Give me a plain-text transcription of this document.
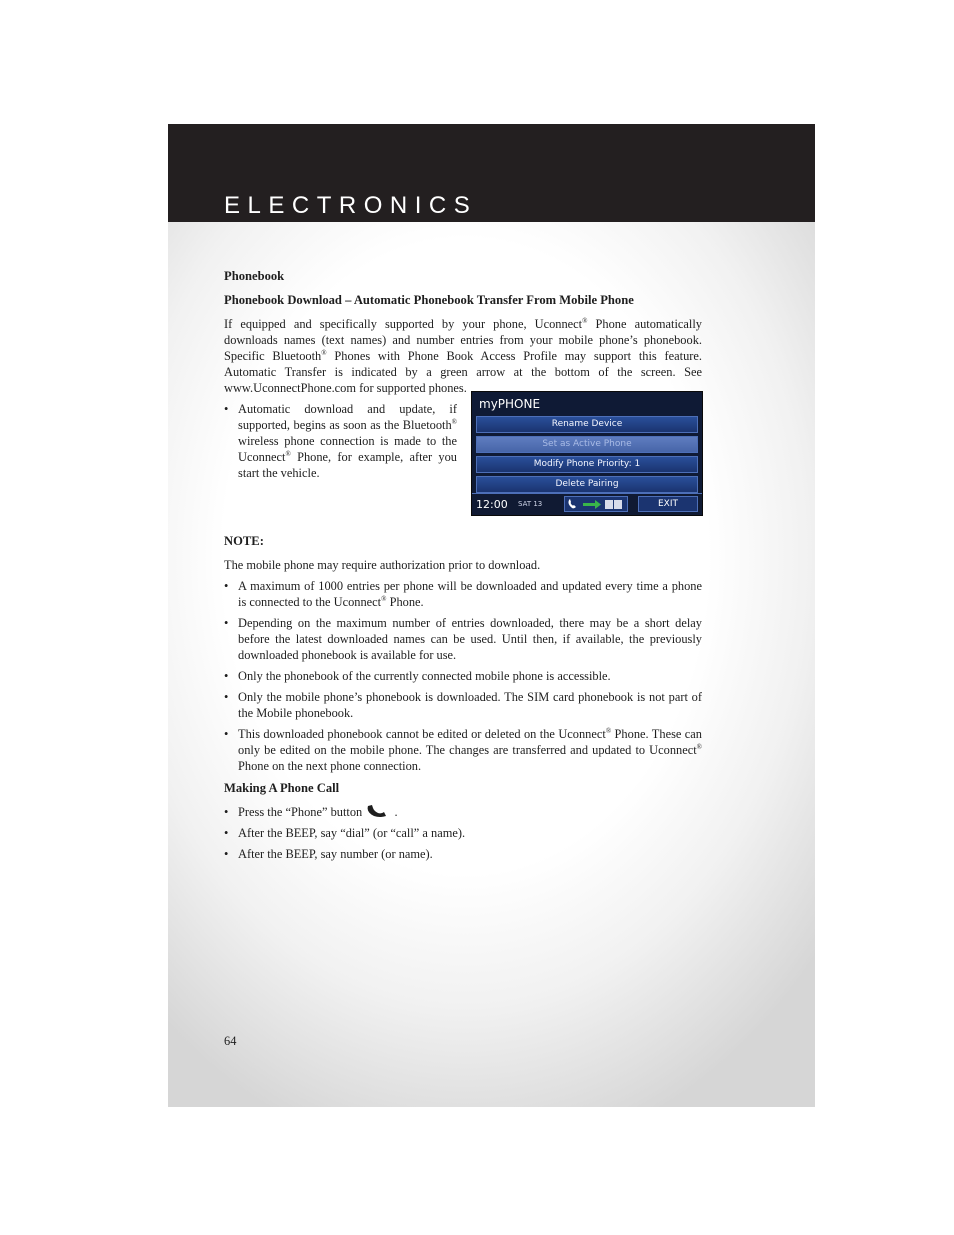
ELECTRONICS
Phonebook
Phonebook Download – Automatic Phonebook Transfer From Mobile Phone
If equipped and specifically supported by your phone, Uconnect® Phone automatically downloads names (text names) and number entries from your mobile phone’s phonebook. Specific Bluetooth® Phones with Phone Book Access Profile may support this feature. Automatic Transfer is indicated by a green arrow at the bottom of the screen. See www.UconnectPhone.com for supported phones.
• Automatic download and update, if supported, begins as soon as the Bluetooth® wireless phone connection is made to the Uconnect® Phone, for example, after you start the vehicle.
myPHONE
Rename Device
Set as Active Phone
Modify Phone Priority: 1
Delete Pairing
12:00 SAT 13	EXIT
NOTE:
The mobile phone may require authorization prior to download.
• A maximum of 1000 entries per phone will be downloaded and updated every time a phone is connected to the Uconnect® Phone.
• Depending on the maximum number of entries downloaded, there may be a short delay before the latest downloaded names can be used. Until then, if available, the previously downloaded phonebook is available for use.
• Only the phonebook of the currently connected mobile phone is accessible.
• Only the mobile phone’s phonebook is downloaded. The SIM card phonebook is not part of the Mobile phonebook.
• This downloaded phonebook cannot be edited or deleted on the Uconnect® Phone. These can only be edited on the mobile phone. The changes are transferred and updated to Uconnect® Phone on the next phone connection.
Making A Phone Call
• Press the “Phone” button	.
• After the BEEP, say “dial” (or “call” a name).
• After the BEEP, say number (or name).
64
